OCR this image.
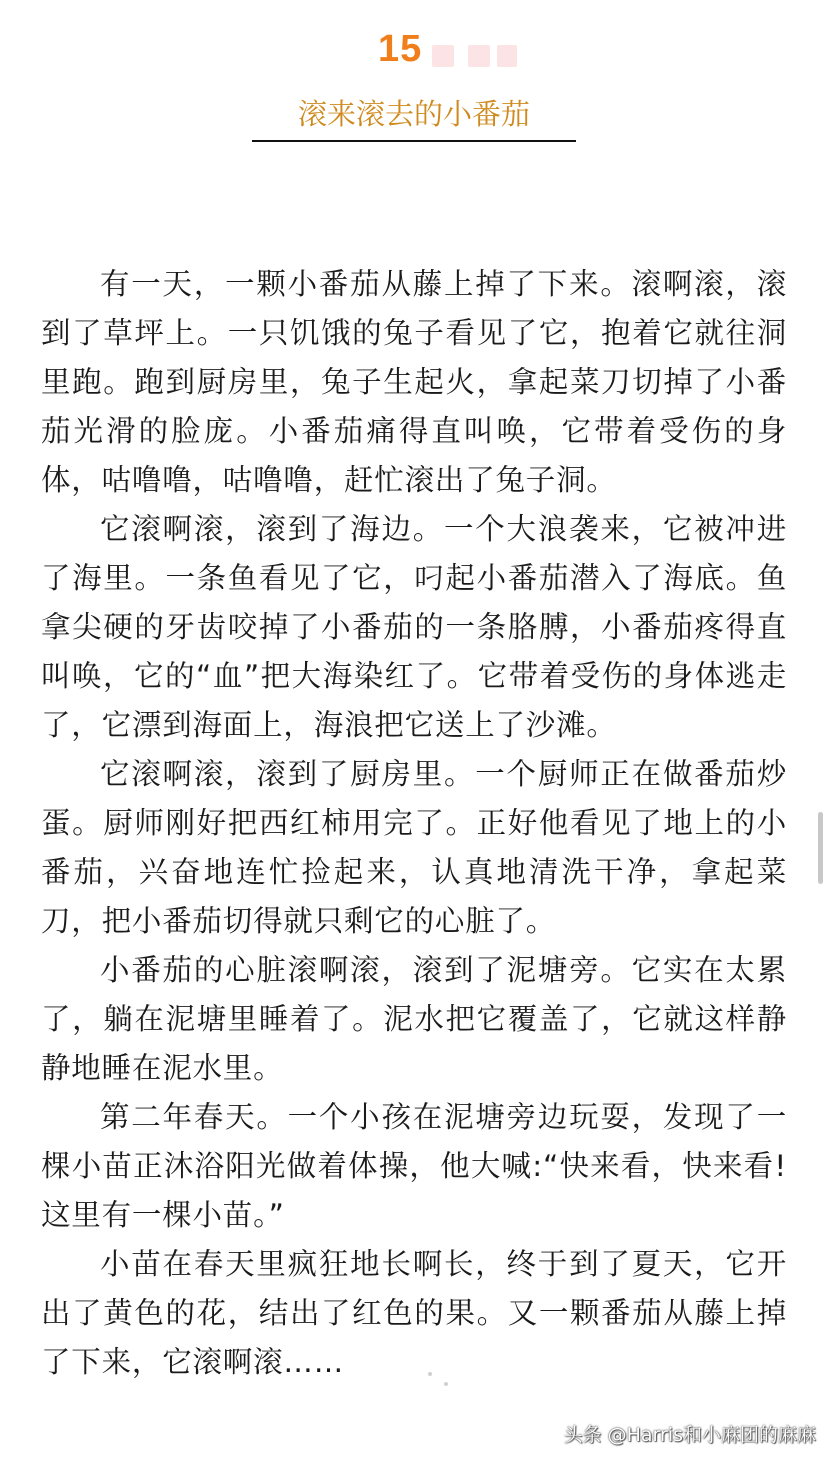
15
滚来滚去的小番茄

有一天，一颗小番茄从藤上掉了下来。滚啊滚，滚到了草坪上。一只饥饿的兔子看见了它，抱着它就往洞里跑。跑到厨房里，兔子生起火，拿起菜刀切掉了小番茄光滑的脸庞。小番茄痛得直叫唤，它带着受伤的身体，咕噜噜，咕噜噜，赶忙滚出了兔子洞。

它滚啊滚，滚到了海边。一个大浪袭来，它被冲进了海里。一条鱼看见了它，叼起小番茄潜入了海底。鱼拿尖硬的牙齿咬掉了小番茄的一条胳膊，小番茄疼得直叫唤，它的“血”把大海染红了。它带着受伤的身体逃走了，它漂到海面上，海浪把它送上了沙滩。

它滚啊滚，滚到了厨房里。一个厨师正在做番茄炒蛋。厨师刚好把西红柿用完了。正好他看见了地上的小番茄，兴奋地连忙捡起来，认真地清洗干净，拿起菜刀，把小番茄切得就只剩它的心脏了。

小番茄的心脏滚啊滚，滚到了泥塘旁。它实在太累了，躺在泥塘里睡着了。泥水把它覆盖了，它就这样静静地睡在泥水里。

第二年春天。一个小孩在泥塘旁边玩耍，发现了一棵小苗正沐浴阳光做着体操，他大喊:“快来看，快来看!这里有一棵小苗。”

小苗在春天里疯狂地长啊长，终于到了夏天，它开出了黄色的花，结出了红色的果。又一颗番茄从藤上掉了下来，它滚啊滚……

头条 @Harris和小麻团的麻麻
